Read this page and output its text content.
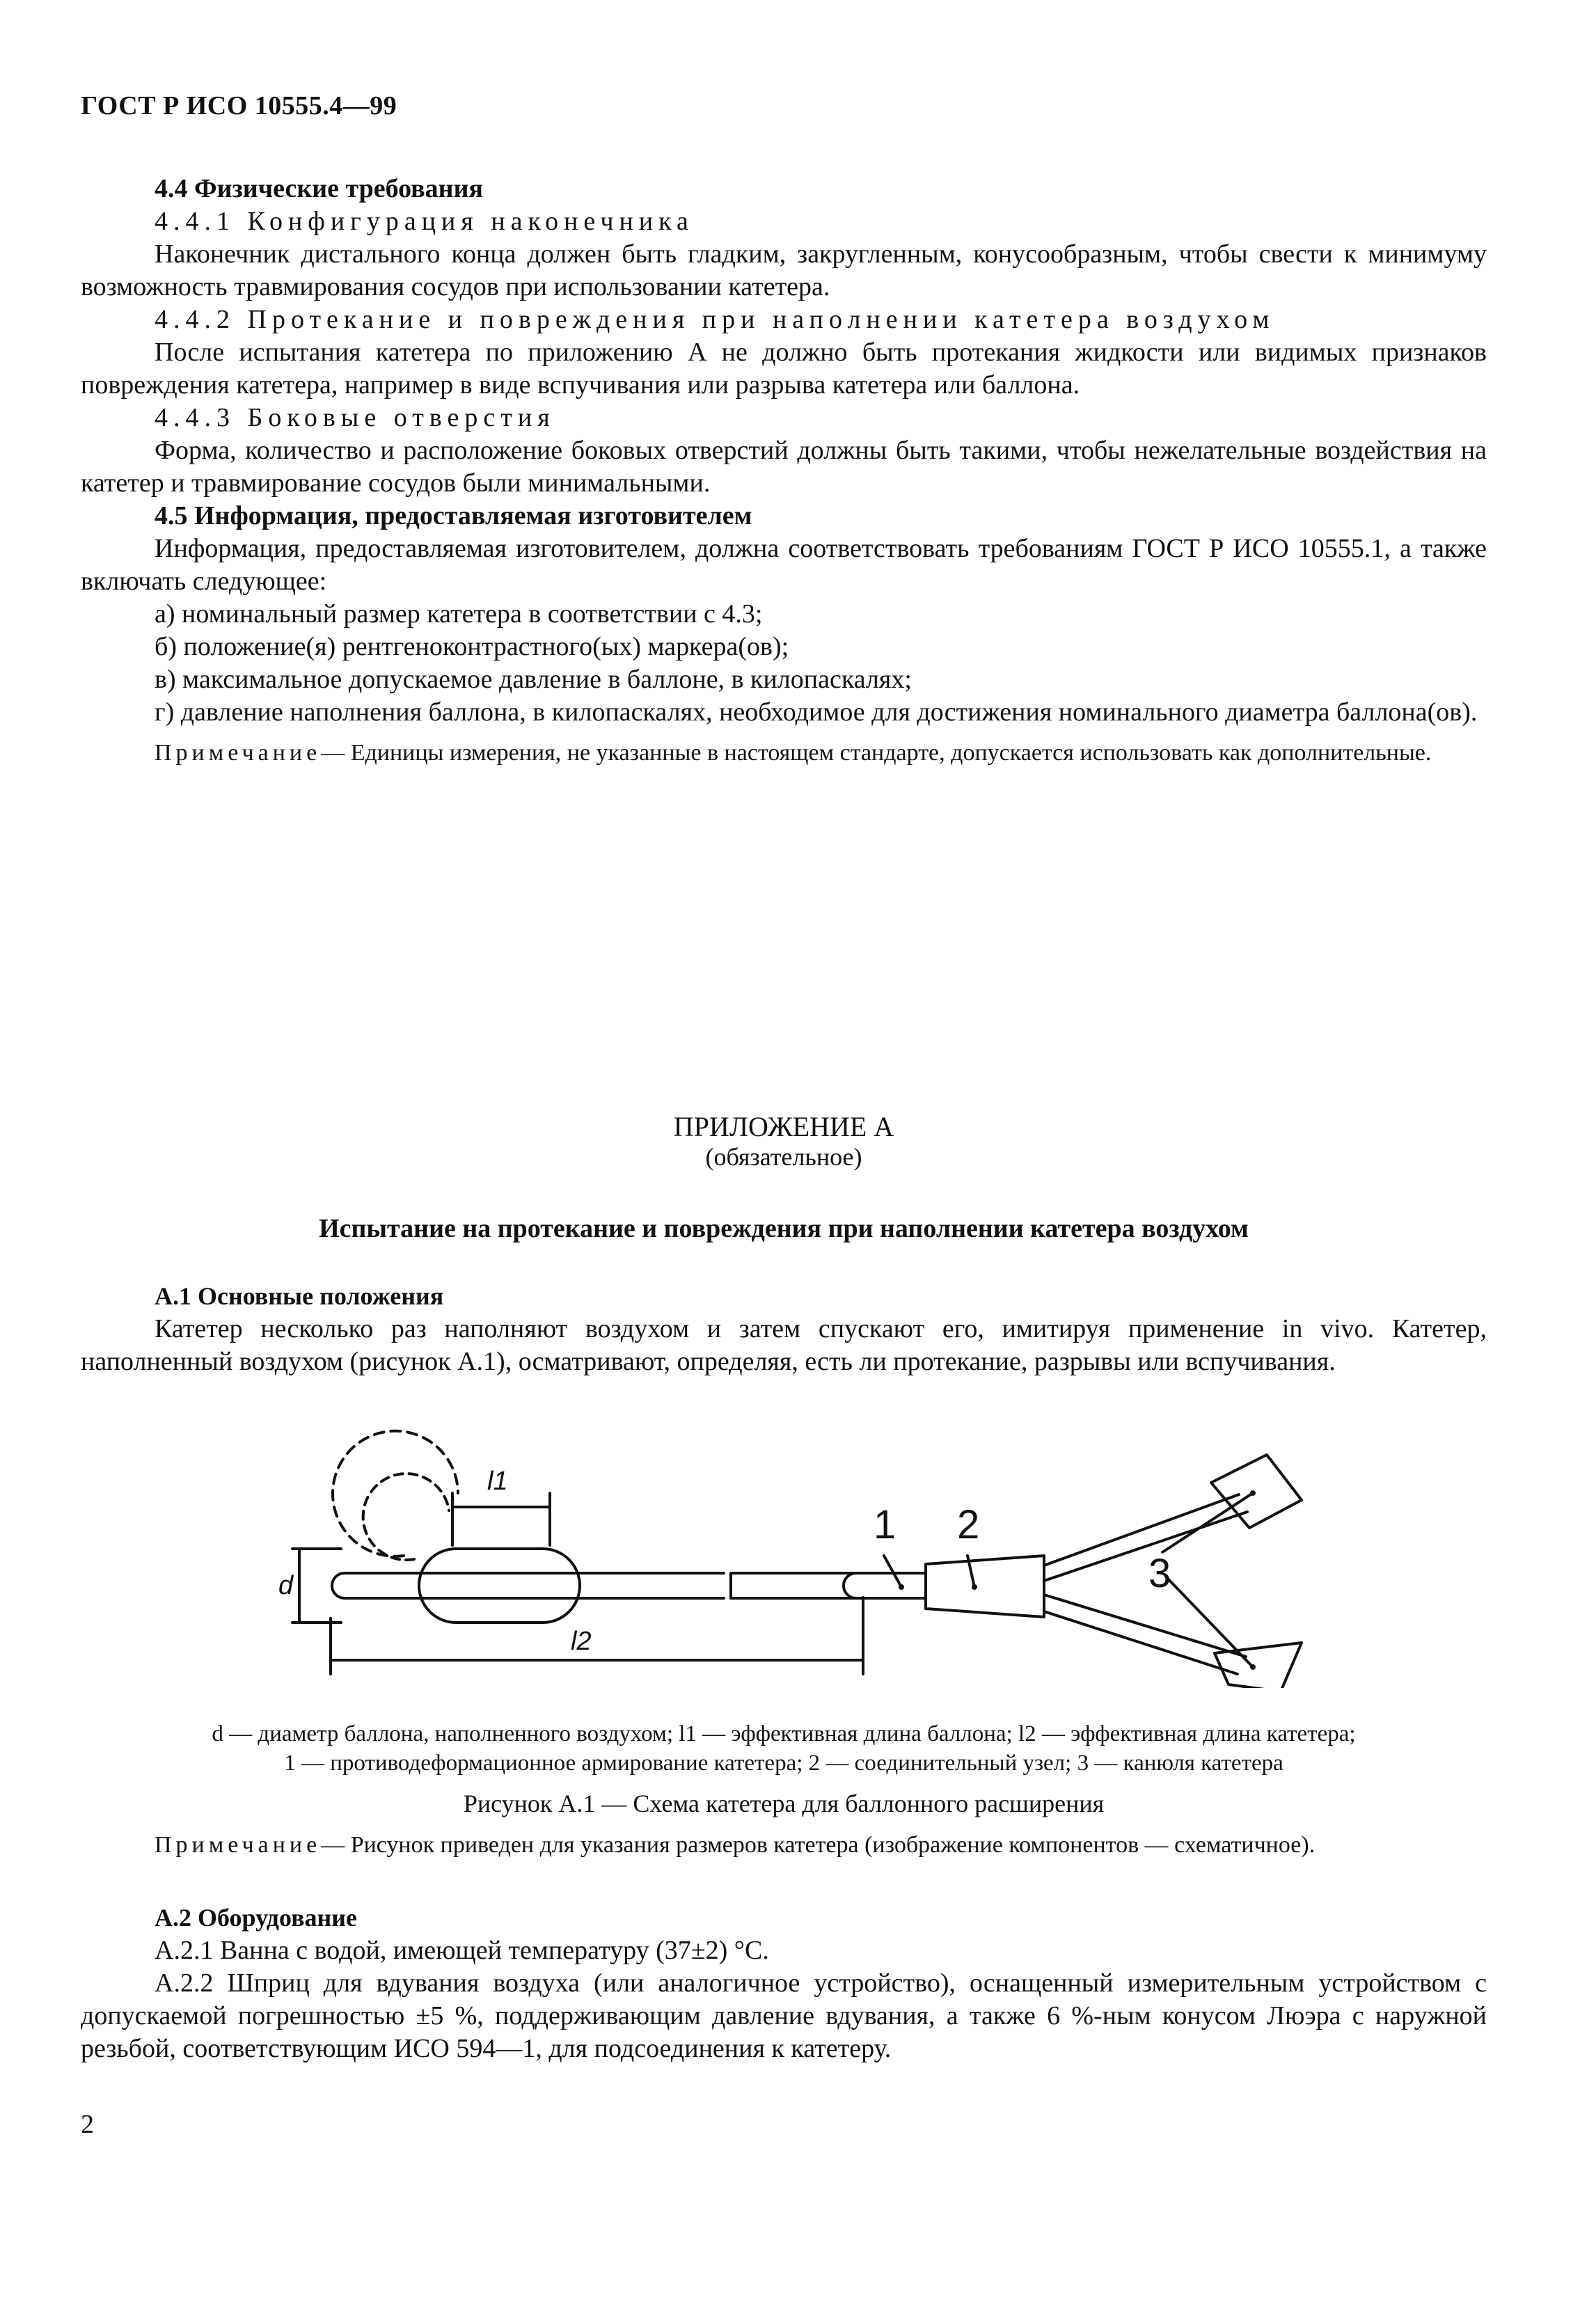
ГОСТ Р ИСО 10555.4—99

4.4 Физические требования

4.4.1 Конфигурация наконечника

Наконечник дистального конца должен быть гладким, закругленным, конусообразным, чтобы свести к минимуму возможность травмирования сосудов при использовании катетера.

4.4.2 Протекание и повреждения при наполнении катетера воздухом

После испытания катетера по приложению А не должно быть протекания жидкости или видимых признаков повреждения катетера, например в виде вспучивания или разрыва катетера или баллона.

4.4.3 Боковые отверстия

Форма, количество и расположение боковых отверстий должны быть такими, чтобы нежелательные воздействия на катетер и травмирование сосудов были минимальными.

4.5 Информация, предоставляемая изготовителем

Информация, предоставляемая изготовителем, должна соответствовать требованиям ГОСТ Р ИСО 10555.1, а также включать следующее:

а) номинальный размер катетера в соответствии с 4.3;

б) положение(я) рентгеноконтрастного(ых) маркера(ов);

в) максимальное допускаемое давление в баллоне, в килопаскалях;

г) давление наполнения баллона, в килопаскалях, необходимое для достижения номинального диаметра баллона(ов).

Примечание— Единицы измерения, не указанные в настоящем стандарте, допускается использовать как дополнительные.

ПРИЛОЖЕНИЕ А
(обязательное)
Испытание на протекание и повреждения при наполнении катетера воздухом
А.1 Основные положения

Катетер несколько раз наполняют воздухом и затем спускают его, имитируя применение in vivo. Катетер, наполненный воздухом (рисунок А.1), осматривают, определяя, есть ли протекание, разрывы или вспучивания.

d
l1
l2
1 2
3
d — диаметр баллона, наполненного воздухом; l1 — эффективная длина баллона; l2 — эффективная длина катетера;
1 — противодеформационное армирование катетера; 2 — соединительный узел; 3 — канюля катетера
Рисунок А.1 — Схема катетера для баллонного расширения

Примечание— Рисунок приведен для указания размеров катетера (изображение компонентов — схематичное).

А.2 Оборудование

А.2.1 Ванна с водой, имеющей температуру (37±2) °С.

А.2.2 Шприц для вдувания воздуха (или аналогичное устройство), оснащенный измерительным устройством с допускаемой погрешностью ±5 %, поддерживающим давление вдувания, а также 6 %-ным конусом Люэра с наружной резьбой, соответствующим ИСО 594—1, для подсоединения к катетеру.

2
